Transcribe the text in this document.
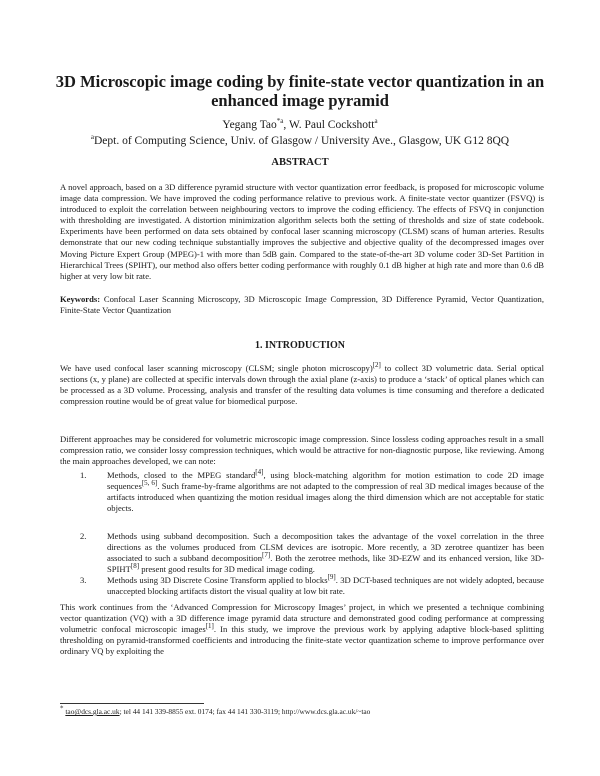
3D Microscopic image coding by finite-state vector quantization in an enhanced image pyramid
Yegang Tao$^{*a}$, W. Paul Cockshott$^a$
$^a$Dept. of Computing Science, Univ. of Glasgow / University Ave., Glasgow, UK G12 8QQ
ABSTRACT
A novel approach, based on a 3D difference pyramid structure with vector quantization error feedback, is proposed for microscopic volume image data compression. We have improved the coding performance relative to previous work. A finite-state vector quantizer (FSVQ) is introduced to exploit the correlation between neighbouring vectors to improve the coding efficiency. The effects of FSVQ in conjunction with thresholding are investigated. A distortion minimization algorithm selects both the setting of thresholds and size of state codebook. Experiments have been performed on data sets obtained by confocal laser scanning microscopy (CLSM) scans of human arteries. Results demonstrate that our new coding technique substantially improves the subjective and objective quality of the decompressed images over Moving Picture Expert Group (MPEG)-1 with more than 5dB gain. Compared to the state-of-the-art 3D volume coder 3D-Set Partition in Hierarchical Trees (SPIHT), our method also offers better coding performance with roughly 0.1 dB higher at high rate and more than 0.6 dB higher at very low bit rate.
Keywords: Confocal Laser Scanning Microscopy, 3D Microscopic Image Compression, 3D Difference Pyramid, Vector Quantization, Finite-State Vector Quantization
1. INTRODUCTION
We have used confocal laser scanning microscopy (CLSM; single photon microscopy)[2] to collect 3D volumetric data. Serial optical sections (x, y plane) are collected at specific intervals down through the axial plane (z-axis) to produce a ‘stack’ of optical planes which can be processed as a 3D volume. Processing, analysis and transfer of the resulting data volumes is time consuming and therefore a dedicated compression routine would be of great value for biomedical purpose.
Different approaches may be considered for volumetric microscopic image compression. Since lossless coding approaches result in a small compression ratio, we consider lossy compression techniques, which would be attractive for non-diagnostic purpose, like reviewing. Among the main approaches developed, we can note:
1. Methods, closed to the MPEG standard[4], using block-matching algorithm for motion estimation to code 2D image sequences[5, 6]. Such frame-by-frame algorithms are not adapted to the compression of real 3D medical images because of the artifacts introduced when quantizing the motion residual images along the third dimension which are not acceptable for static objects.
2. Methods using subband decomposition. Such a decomposition takes the advantage of the voxel correlation in the three directions as the volumes produced from CLSM devices are isotropic. More recently, a 3D zerotree quantizer has been associated to such a subband decomposition[7]. Both the zerotree methods, like 3D-EZW and its enhanced version, like 3D-SPIHT[8] present good results for 3D medical image coding.
3. Methods using 3D Discrete Cosine Transform applied to blocks[9]. 3D DCT-based techniques are not widely adopted, because unaccepted blocking artifacts distort the visual quality at low bit rate.
This work continues from the ‘Advanced Compression for Microscopy Images’ project, in which we presented a technique combining vector quantization (VQ) with a 3D difference image pyramid data structure and demonstrated good coding performance at compressing volumetric confocal microscopic images[1]. In this study, we improve the previous work by applying adaptive block-based splitting thresholding on pyramid-transformed coefficients and introducing the finite-state vector quantization scheme to improve performance over ordinary VQ by exploiting the
* tao@dcs.gla.ac.uk; tel 44 141 339-8855 ext. 0174; fax 44 141 330-3119; http://www.dcs.gla.ac.uk/~tao
